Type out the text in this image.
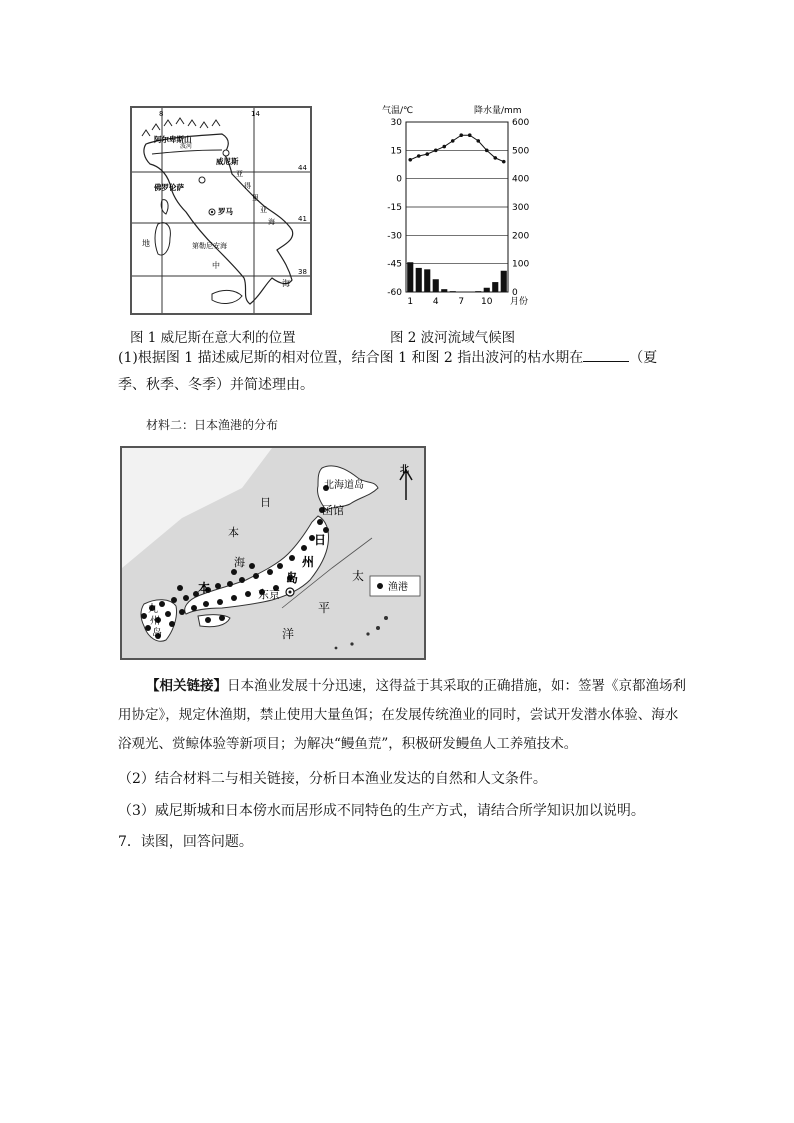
8	14
44
41
38
阿尔卑斯山
波河
威尼斯
佛罗伦萨
罗马
亚
得
里
亚
海
第勒尼安海
地
中
海
图 1 威尼斯在意大利的位置
气温/℃	降水量/mm
30	600
15	500
0	400
-15	300
-30	200
-45	100
-60	0
1 4 7 10 月份
图 2 波河流域气候图
(1)根据图 1 描述威尼斯的相对位置，结合图 1 和图 2 指出波河的枯水期在	（夏季、秋季、冬季）并简述理由。
材料二：日本渔港的分布
北
渔港
北海道岛
函馆
日
本
海
日
州
岛
东京
本
太
平
洋
九
州
岛
【相关链接】日本渔业发展十分迅速，这得益于其采取的正确措施，如：签署《京都渔场利用协定》，规定休渔期，禁止使用大量鱼饵；在发展传统渔业的同时，尝试开发潜水体验、海水浴观光、赏鲸体验等新项目；为解决“鳗鱼荒”，积极研发鳗鱼人工养殖技术。
（2）结合材料二与相关链接，分析日本渔业发达的自然和人文条件。
（3）威尼斯城和日本傍水而居形成不同特色的生产方式，请结合所学知识加以说明。
7．读图，回答问题。
